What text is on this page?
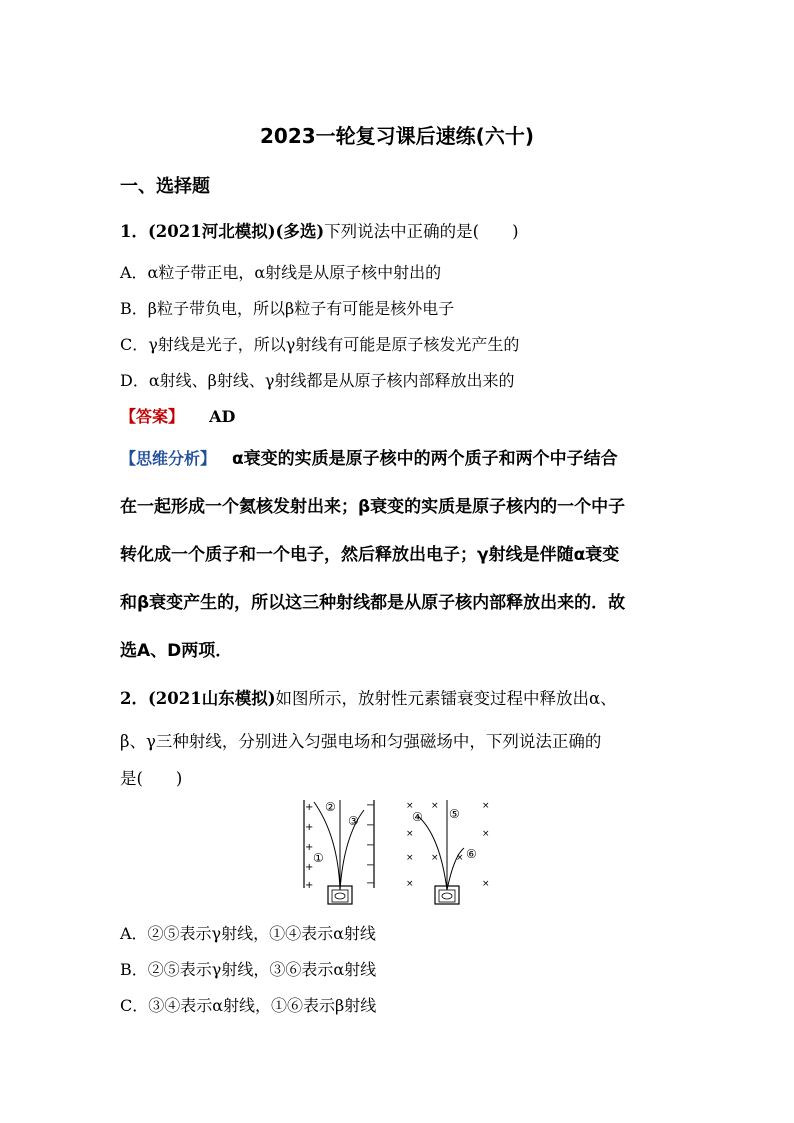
2023一轮复习课后速练(六十)
一、选择题
1．(2021河北模拟)(多选)下列说法中正确的是(　　)
A．α粒子带正电，α射线是从原子核中射出的
B．β粒子带负电，所以β粒子有可能是核外电子
C．γ射线是光子，所以γ射线有可能是原子核发光产生的
D．α射线、β射线、γ射线都是从原子核内部释放出来的
【答案】 AD
【思维分析】 α衰变的实质是原子核中的两个质子和两个中子结合
在一起形成一个氦核发射出来；β衰变的实质是原子核内的一个中子
转化成一个质子和一个电子，然后释放出电子；γ射线是伴随α衰变
和β衰变产生的，所以这三种射线都是从原子核内部释放出来的．故
选A、D两项．
2．(2021山东模拟)如图所示，放射性元素镭衰变过程中释放出α、
β、γ三种射线，分别进入匀强电场和匀强磁场中，下列说法正确的
是(　　)
+
+
+
+
+
−
−
−
−
−
①
②
③
× ×	×
×	×
× × ×
×	×
④ ⑤
⑥
A．②⑤表示γ射线，①④表示α射线
B．②⑤表示γ射线，③⑥表示α射线
C．③④表示α射线，①⑥表示β射线
